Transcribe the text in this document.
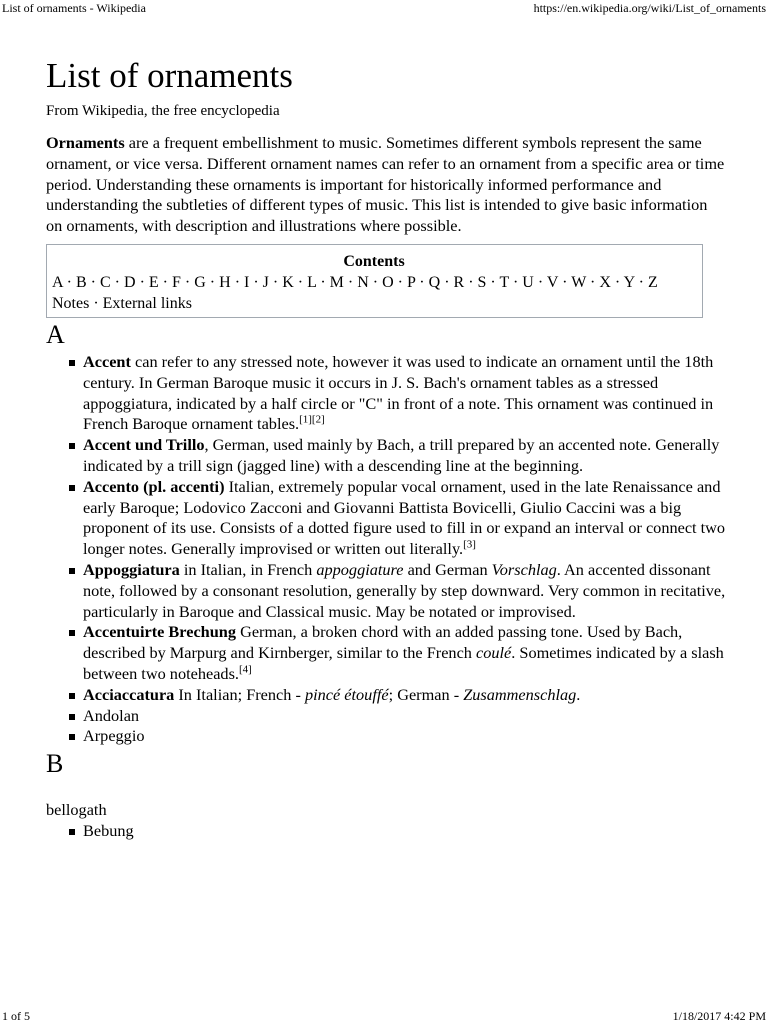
List of ornaments - Wikipedia	https://en.wikipedia.org/wiki/List_of_ornaments
List of ornaments
From Wikipedia, the free encyclopedia

Ornaments are a frequent embellishment to music. Sometimes different symbols represent the same ornament, or vice versa. Different ornament names can refer to an ornament from a specific area or time period. Understanding these ornaments is important for historically informed performance and understanding the subtleties of different types of music. This list is intended to give basic information on ornaments, with description and illustrations where possible.

Contents
A · B · C · D · E · F · G · H · I · J · K · L · M · N · O · P · Q · R · S · T · U · V · W · X · Y · Z
Notes · External links
A
Accent can refer to any stressed note, however it was used to indicate an ornament until the 18th century. In German Baroque music it occurs in J. S. Bach's ornament tables as a stressed appoggiatura, indicated by a half circle or "C" in front of a note. This ornament was continued in French Baroque ornament tables.[1][2]
Accent und Trillo, German, used mainly by Bach, a trill prepared by an accented note. Generally indicated by a trill sign (jagged line) with a descending line at the beginning.
Accento (pl. accenti) Italian, extremely popular vocal ornament, used in the late Renaissance and early Baroque; Lodovico Zacconi and Giovanni Battista Bovicelli, Giulio Caccini was a big proponent of its use. Consists of a dotted figure used to fill in or expand an interval or connect two longer notes. Generally improvised or written out literally.[3]
Appoggiatura in Italian, in French appoggiature and German Vorschlag. An accented dissonant note, followed by a consonant resolution, generally by step downward. Very common in recitative, particularly in Baroque and Classical music. May be notated or improvised.
Accentuirte Brechung German, a broken chord with an added passing tone. Used by Bach, described by Marpurg and Kirnberger, similar to the French coulé. Sometimes indicated by a slash between two noteheads.[4]
Acciaccatura In Italian; French - pincé étouffé; German - Zusammenschlag.
Andolan
Arpeggio
B
bellogath
Bebung
1 of 5	1/18/2017 4:42 PM
